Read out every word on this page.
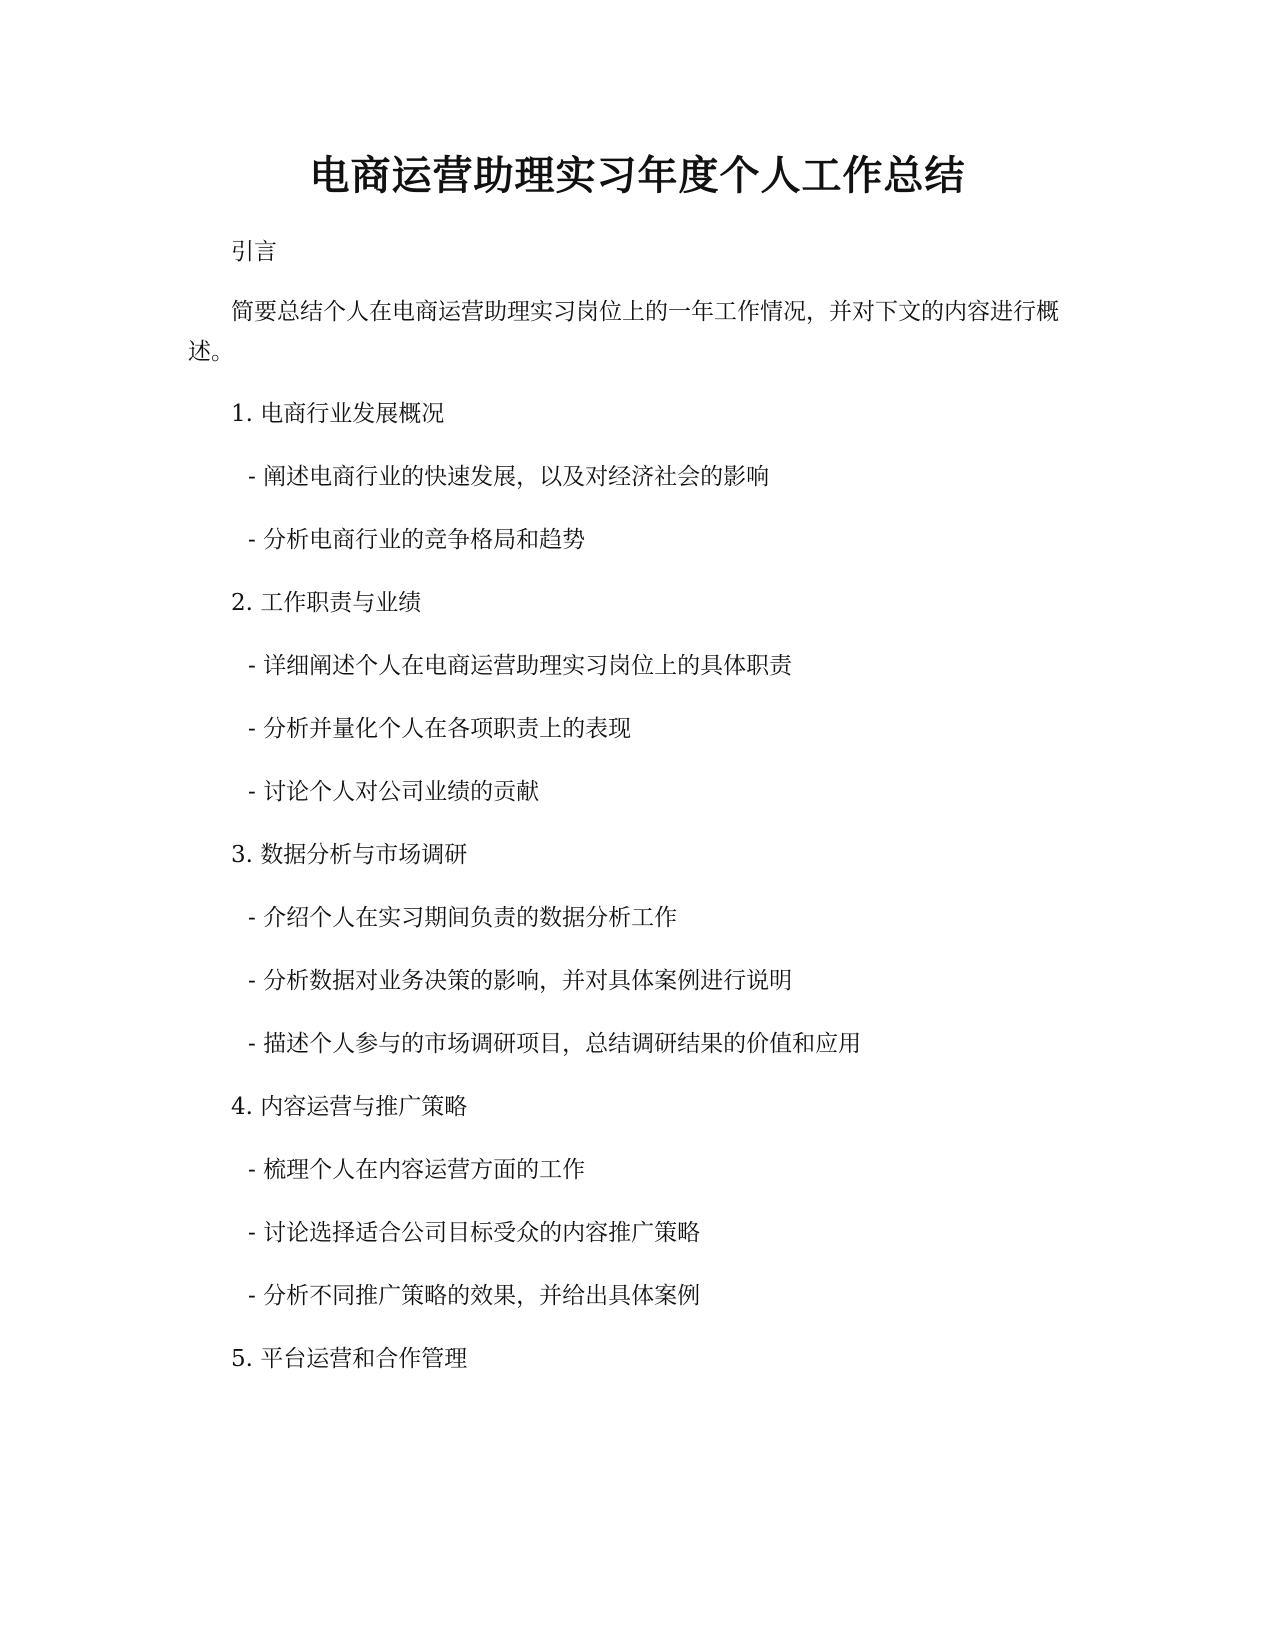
电商运营助理实习年度个人工作总结

引言

简要总结个人在电商运营助理实习岗位上的一年工作情况，并对下文的内容进行概述。

1. 电商行业发展概况

- 阐述电商行业的快速发展，以及对经济社会的影响

- 分析电商行业的竞争格局和趋势

2. 工作职责与业绩

- 详细阐述个人在电商运营助理实习岗位上的具体职责

- 分析并量化个人在各项职责上的表现

- 讨论个人对公司业绩的贡献

3. 数据分析与市场调研

- 介绍个人在实习期间负责的数据分析工作

- 分析数据对业务决策的影响，并对具体案例进行说明

- 描述个人参与的市场调研项目，总结调研结果的价值和应用

4. 内容运营与推广策略

- 梳理个人在内容运营方面的工作

- 讨论选择适合公司目标受众的内容推广策略

- 分析不同推广策略的效果，并给出具体案例

5. 平台运营和合作管理
